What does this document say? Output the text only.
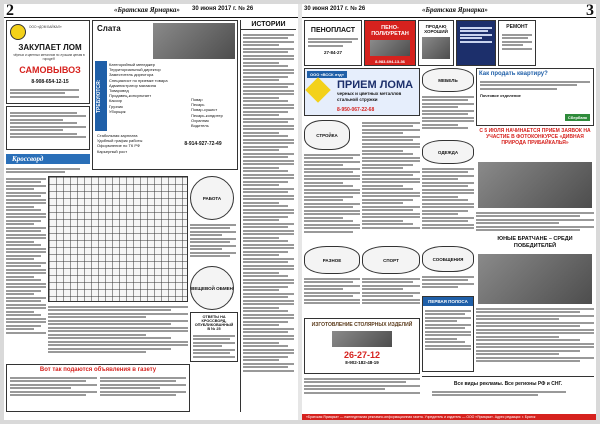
2	«Братская Ярмарка» 30 июня 2017 г. № 26
ООО «ДОМ БАЙКАЛ»
ЗАКУПАЕТ ЛОМ
чёрных и цветных металлов по лучшим ценам в городе!!!
САМОВЫВОЗ
8-908-654-12-15
Слата
ТРЕБУЮТСЯ:
Категорийный менеджер
Территориальный директор
Заместитель директора
Специалист по приемке товара
Администратор магазина
Товаровед
Продавец-консультант
Кассир
Грузчик
Уборщик
Повар
Пекарь
Повар-сушист
Пекарь-кондитер
Охранник
Водитель
Стабильная зарплата
Удобный график работы
Оформление по ТК РФ
Карьерный рост
8-914-927-72-49
Кроссворд
РАБОТА
ВЕЩЕВОЙ ОБМЕН
ОТВЕТЫ НА КРОССВОРД, ОПУБЛИКОВАННЫЙ В № 25
Вот так подаются объявления в газету
ИСТОРИИ
30 июня 2017 г. № 26	«Братская Ярмарка»	3
ПЕНОПЛАСТ
27-84-27
ПЕНО-ПОЛИУРЕТАН
8-983-694-13-36
ПРОДАЮ ХОРОШИЙ
РЕМОНТ
ООО «ВССК лтд»
ПРИЕМ ЛОМА
черных и цветных металлов
стальной стружки
8-950-067-22-68
Как продать квартиру?
Почтовое отделение
Сбербанк
СТРОЙКА
МЕБЕЛЬ
ОДЕЖДА
С 5 ИЮЛЯ НАЧИНАЕТСЯ ПРИЕМ ЗАЯВОК НА УЧАСТИЕ В ФОТОКОНКУРСЕ «ДИВНАЯ ПРИРОДА ПРИБАЙКАЛЬЯ»
ЮНЫЕ БРАТЧАНЕ – СРЕДИ ПОБЕДИТЕЛЕЙ
СООБЩЕНИЯ
ПЕРВАЯ ПОЛОСА
СПОРТ
РАЗНОЕ
ИЗГОТОВЛЕНИЕ СТОЛЯРНЫХ ИЗДЕЛИЙ
26-27-12
8-902-182-48-19
Все виды рекламы. Все регионы РФ и СНГ.
«Братская Ярмарка» — еженедельная рекламно-информационная газета. Учредитель и издатель — ООО «Ярмарка». Адрес редакции: г. Братск
